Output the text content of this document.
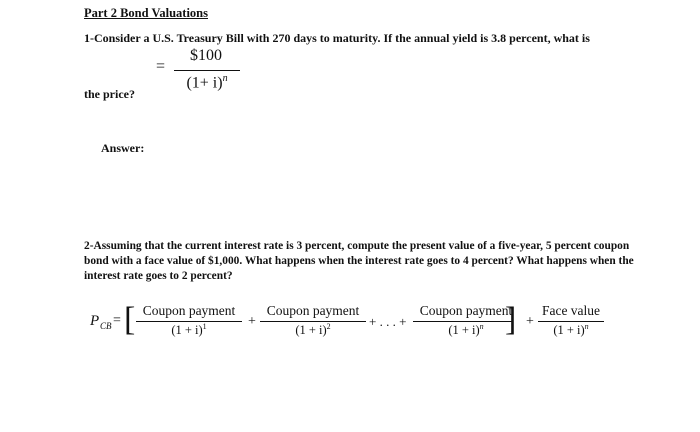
Part 2 Bond Valuations
1-Consider a U.S. Treasury Bill with 270 days to maturity. If the annual yield is 3.8 percent, what is
=
$100
$(1+ i)^n$
the price?
Answer:
2-Assuming that the current interest rate is 3 percent, compute the present value of a five-year, 5 percent coupon bond with a face value of $1,000. What happens when the interest rate goes to 4 percent? What happens when the interest rate goes to 2 percent?
P CB = [ Coupon payment
$(1 + i)^1$	+
Coupon payment
$(1 + i)^2$	+ . . . +
Coupon payment
$(1 + i)^n$ ] +
Face value
$(1 + i)^n$
